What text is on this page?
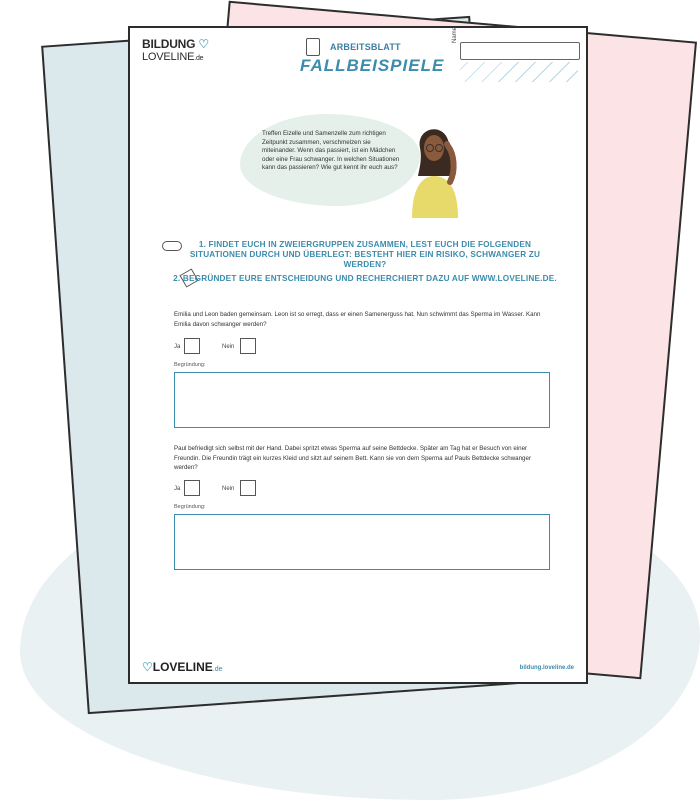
BILDUNG ♡
LOVELINE.de
ARBEITSBLATT
FALLBEISPIELE
Name
Treffen Eizelle und Samenzelle zum richtigen Zeitpunkt zusammen, verschmelzen sie miteinander. Wenn das passiert, ist ein Mädchen oder eine Frau schwanger. In welchen Situationen kann das passieren? Wie gut kennt ihr euch aus?
1. FINDET EUCH IN ZWEIERGRUPPEN ZUSAMMEN, LEST EUCH DIE FOLGENDEN SITUATIONEN DURCH UND ÜBERLEGT: BESTEHT HIER EIN RISIKO, SCHWANGER ZU WERDEN?
2. BEGRÜNDET EURE ENTSCHEIDUNG UND RECHERCHIERT DAZU AUF WWW.LOVELINE.DE.
Emilia und Leon baden gemeinsam. Leon ist so erregt, dass er einen Samenerguss hat. Nun schwimmt das Sperma im Wasser. Kann Emilia davon schwanger werden?
Ja	Nein
Begründung:
Paul befriedigt sich selbst mit der Hand. Dabei spritzt etwas Sperma auf seine Bettdecke. Später am Tag hat er Besuch von einer Freundin. Die Freundin trägt ein kurzes Kleid und sitzt auf seinem Bett. Kann sie von dem Sperma auf Pauls Bettdecke schwanger werden?
Ja	Nein
Begründung:
♡LOVELINE.de	bildung.loveline.de
